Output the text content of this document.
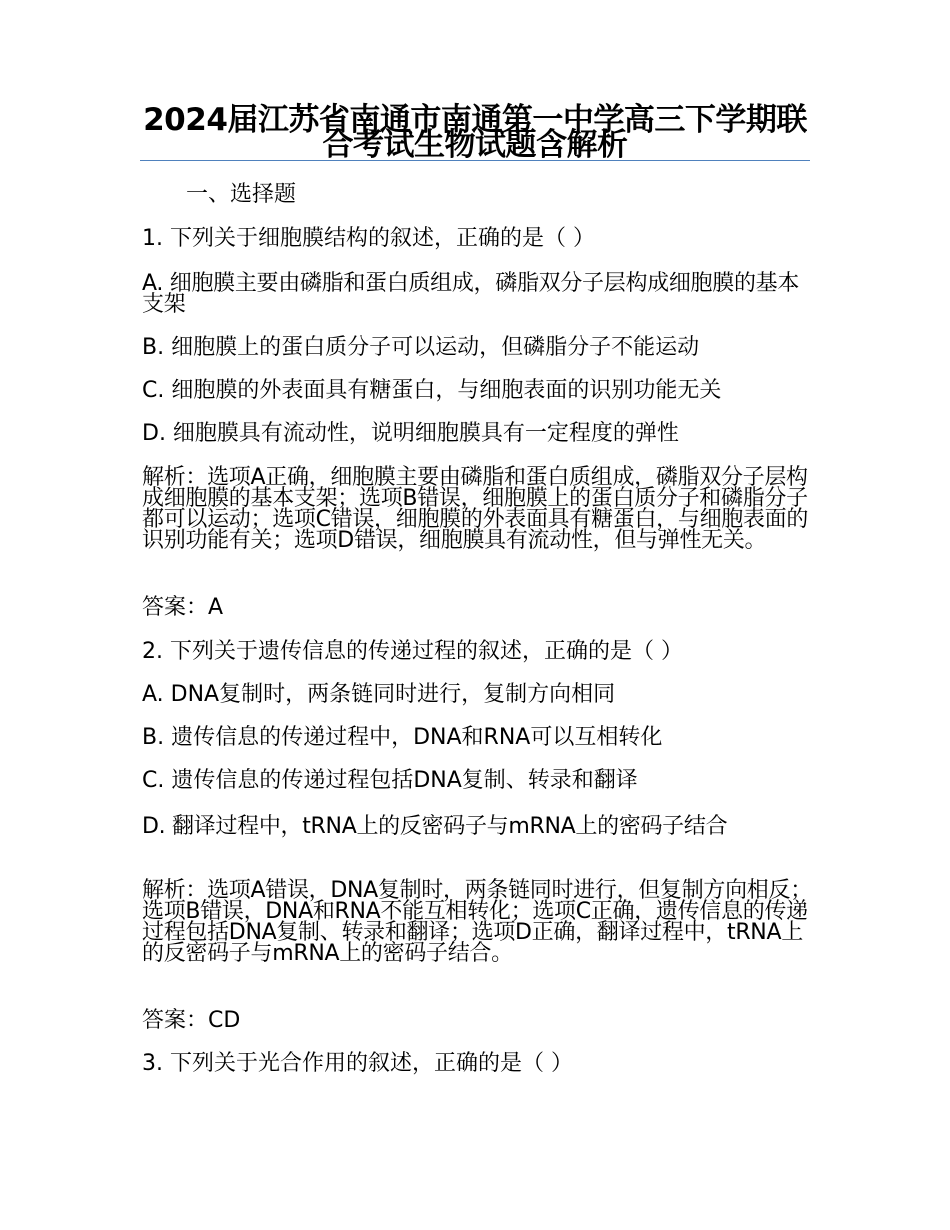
2024届江苏省南通市南通第一中学高三下学期联合考试生物试题含解析
一、选择题
1. 下列关于细胞膜结构的叙述，正确的是（ ）
A. 细胞膜主要由磷脂和蛋白质组成，磷脂双分子层构成细胞膜的基本支架
B. 细胞膜上的蛋白质分子可以运动，但磷脂分子不能运动
C. 细胞膜的外表面具有糖蛋白，与细胞表面的识别功能无关
D. 细胞膜具有流动性，说明细胞膜具有一定程度的弹性
解析：选项A正确，细胞膜主要由磷脂和蛋白质组成，磷脂双分子层构成细胞膜的基本支架；选项B错误，细胞膜上的蛋白质分子和磷脂分子都可以运动；选项C错误，细胞膜的外表面具有糖蛋白，与细胞表面的识别功能有关；选项D错误，细胞膜具有流动性，但与弹性无关。
答案：A
2. 下列关于遗传信息的传递过程的叙述，正确的是（ ）
A. DNA复制时，两条链同时进行，复制方向相同
B. 遗传信息的传递过程中，DNA和RNA可以互相转化
C. 遗传信息的传递过程包括DNA复制、转录和翻译
D. 翻译过程中，tRNA上的反密码子与mRNA上的密码子结合
解析：选项A错误，DNA复制时，两条链同时进行，但复制方向相反；选项B错误，DNA和RNA不能互相转化；选项C正确，遗传信息的传递过程包括DNA复制、转录和翻译；选项D正确，翻译过程中，tRNA上的反密码子与mRNA上的密码子结合。
答案：CD
3. 下列关于光合作用的叙述，正确的是（ ）
